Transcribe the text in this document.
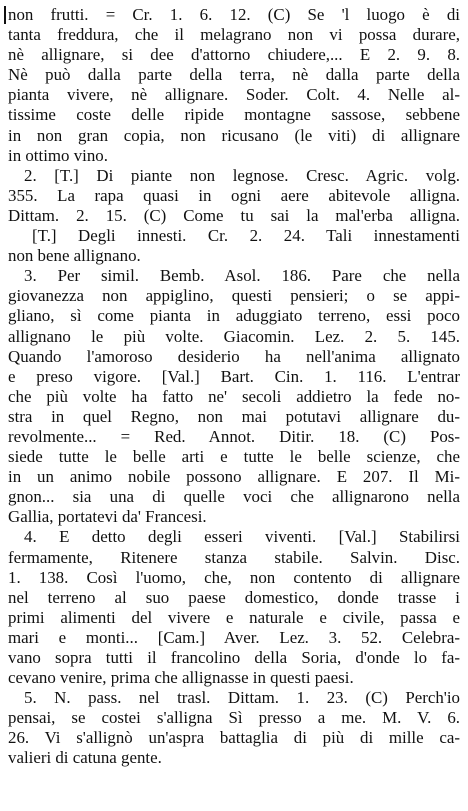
non frutti. = Cr. 1. 6. 12. (C) Se 'l luogo è di
tanta freddura, che il melagrano non vi possa durare,
nè allignare, si dee d'attorno chiudere,... E 2. 9. 8.
Nè può dalla parte della terra, nè dalla parte della
pianta vivere, nè allignare. Soder. Colt. 4. Nelle al-
tissime coste delle ripide montagne sassose, sebbene
in non gran copia, non ricusano (le viti) di allignare
in ottimo vino.
2. [T.] Di piante non legnose. Cresc. Agric. volg.
355. La rapa quasi in ogni aere abitevole alligna.
Dittam. 2. 15. (C) Come tu sai la mal'erba alligna.
[T.] Degli innesti. Cr. 2. 24. Tali innestamenti
non bene allignano.
3. Per simil. Bemb. Asol. 186. Pare che nella
giovanezza non appiglino, questi pensieri; o se appi-
gliano, sì come pianta in aduggiato terreno, essi poco
allignano le più volte. Giacomin. Lez. 2. 5. 145.
Quando l'amoroso desiderio ha nell'anima allignato
e preso vigore. [Val.] Bart. Cin. 1. 116. L'entrar
che più volte ha fatto ne' secoli addietro la fede no-
stra in quel Regno, non mai potutavi allignare du-
revolmente... = Red. Annot. Ditir. 18. (C) Pos-
siede tutte le belle arti e tutte le belle scienze, che
in un animo nobile possono allignare. E 207. Il Mi-
gnon... sia una di quelle voci che allignarono nella
Gallia, portatevi da' Francesi.
4. E detto degli esseri viventi. [Val.] Stabilirsi
fermamente, Ritenere stanza stabile. Salvin. Disc.
1. 138. Così l'uomo, che, non contento di allignare
nel terreno al suo paese domestico, donde trasse i
primi alimenti del vivere e naturale e civile, passa e
mari e monti... [Cam.] Aver. Lez. 3. 52. Celebra-
vano sopra tutti il francolino della Soria, d'onde lo fa-
cevano venire, prima che allignasse in questi paesi.
5. N. pass. nel trasl. Dittam. 1. 23. (C) Perch'io
pensai, se costei s'alligna Sì presso a me. M. V. 6.
26. Vi s'allignò un'aspra battaglia di più di mille ca-
valieri di catuna gente.
